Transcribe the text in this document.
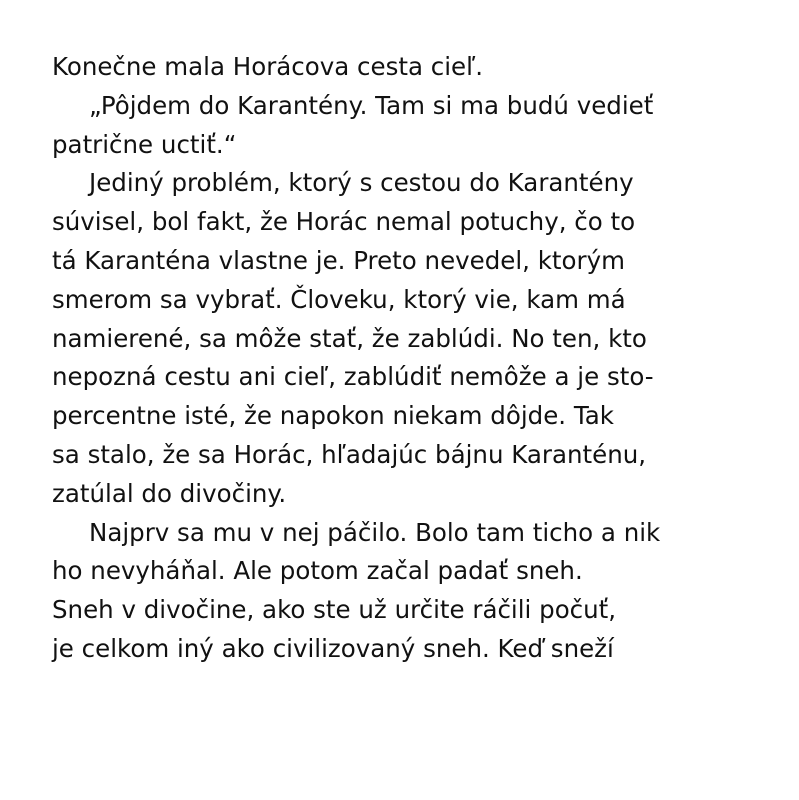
Konečne mala Horácova cesta cieľ.
„Pôjdem do Karantény. Tam si ma budú vedieť
patrične uctiť.“
Jediný problém, ktorý s cestou do Karantény
súvisel, bol fakt, že Horác nemal potuchy, čo to
tá Karanténa vlastne je. Preto nevedel, ktorým
smerom sa vybrať. Človeku, ktorý vie, kam má
namierené, sa môže stať, že zablúdi. No ten, kto
nepozná cestu ani cieľ, zablúdiť nemôže a je sto-
percentne isté, že napokon niekam dôjde. Tak
sa stalo, že sa Horác, hľadajúc bájnu Karanténu,
zatúlal do divočiny.
Najprv sa mu v nej páčilo. Bolo tam ticho a nik
ho nevyháňal. Ale potom začal padať sneh.
Sneh v divočine, ako ste už určite ráčili počuť,
je celkom iný ako civilizovaný sneh. Keď sneží
